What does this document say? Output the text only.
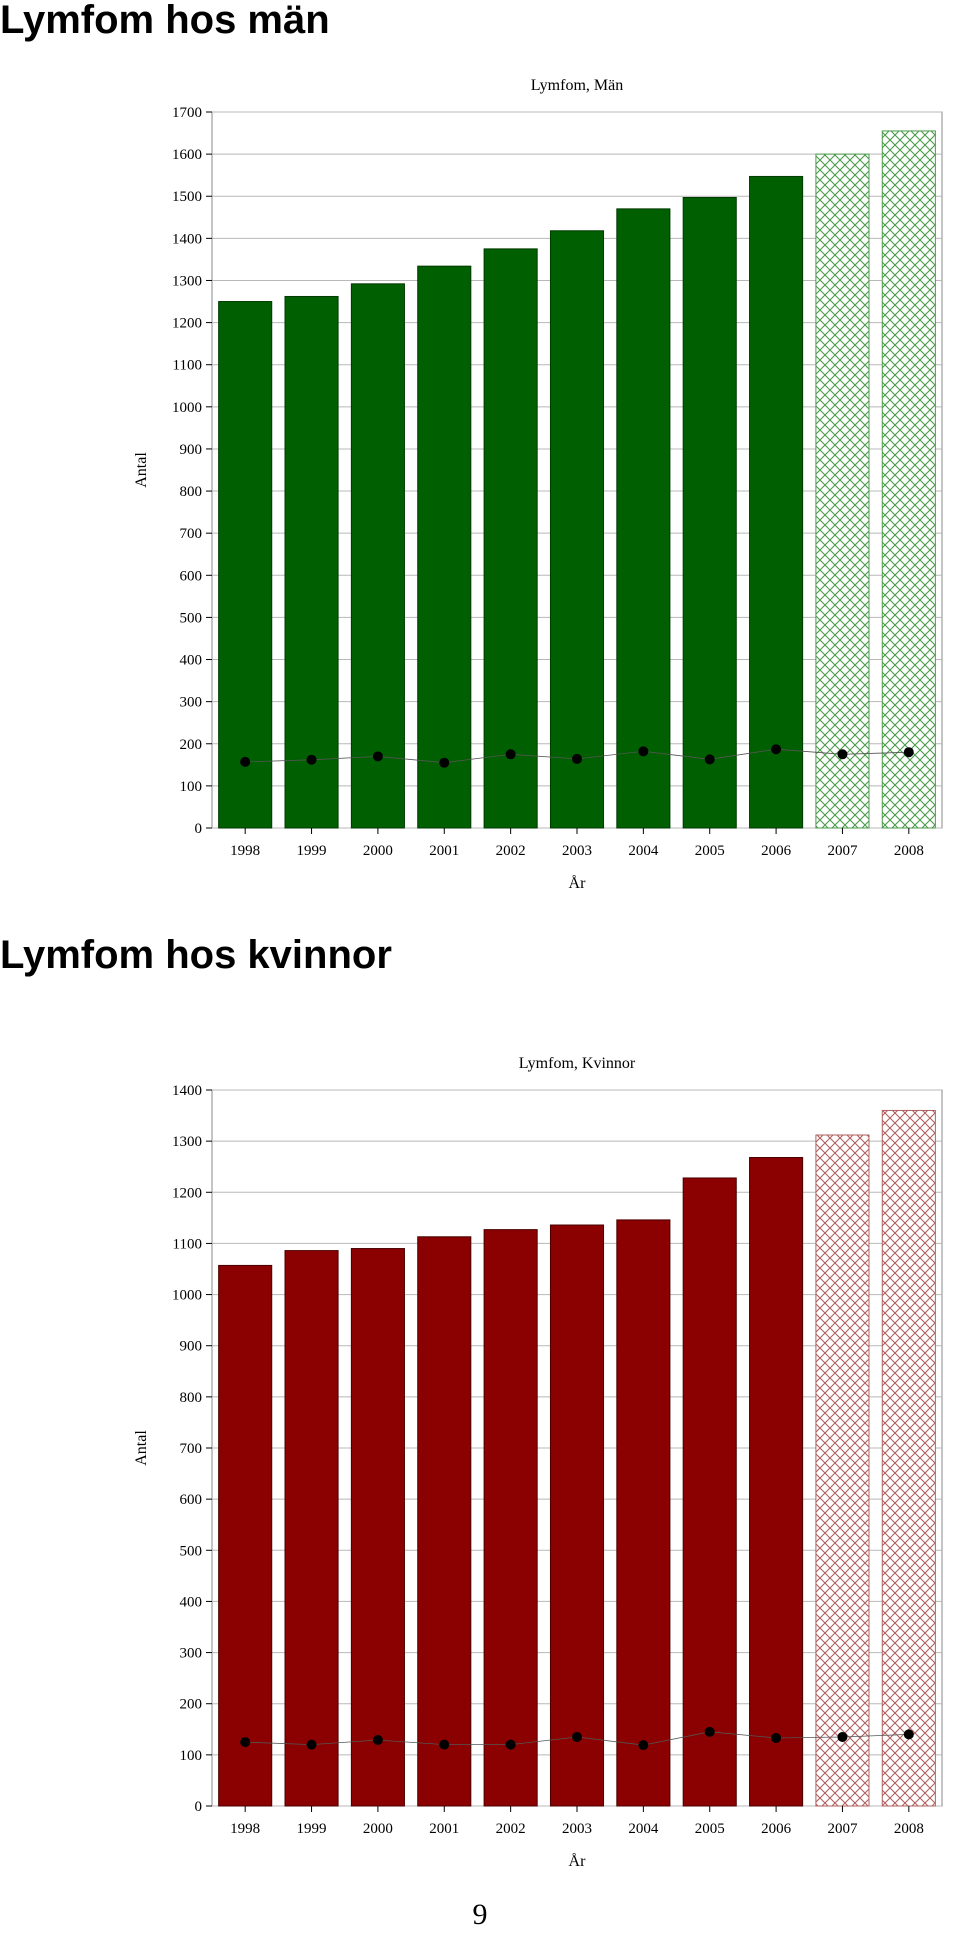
Lymfom hos män
0
100
200
300
400
500
600
700
800
900
1000
1100
1200
1300
1400
1500
1600
1700
1998 1999 2000 2001 2002 2003 2004 2005 2006 2007 2008
Lymfom, Män
År
Antal
Lymfom hos kvinnor
0
100
200
300
400
500
600
700
800
900
1000
1100
1200
1300
1400
1998 1999 2000 2001 2002 2003 2004 2005 2006 2007 2008
Lymfom, Kvinnor
År
Antal
9
